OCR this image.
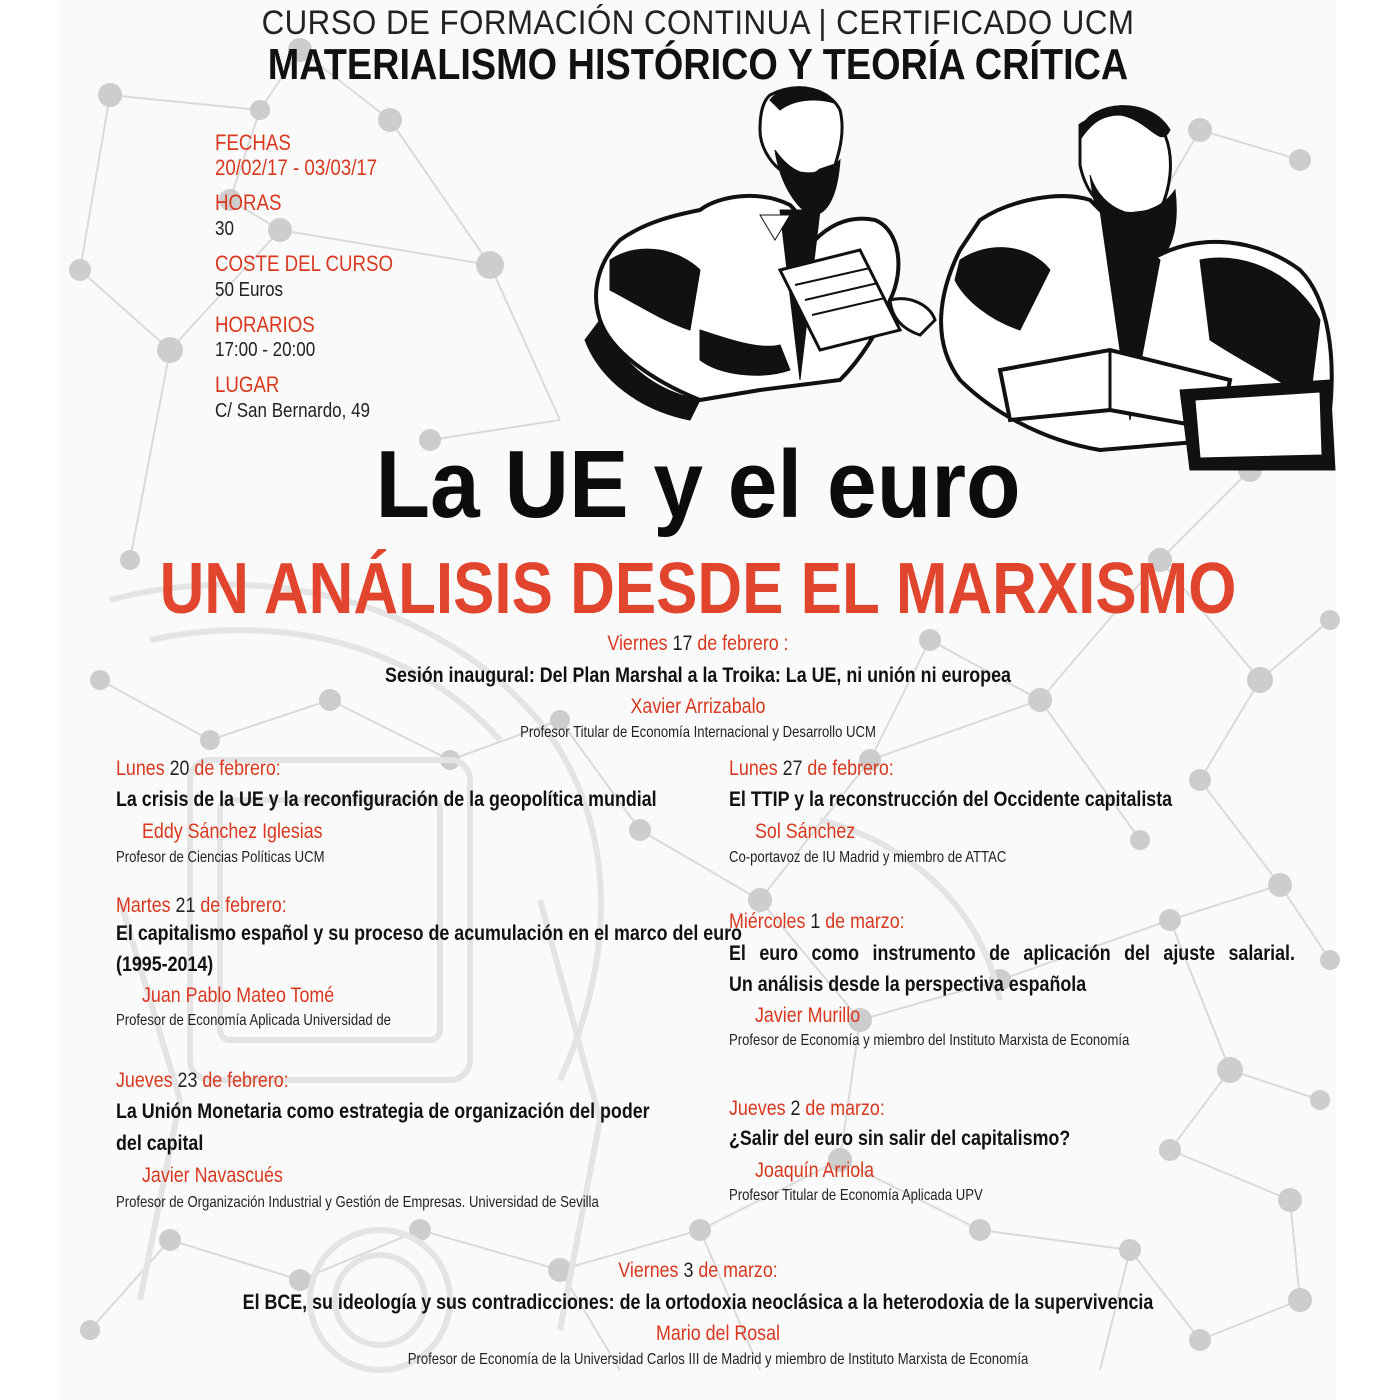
CURSO DE FORMACIÓN CONTINUA | CERTIFICADO UCM
MATERIALISMO HISTÓRICO Y TEORÍA CRÍTICA
FECHAS
20/02/17 - 03/03/17
HORAS
30
COSTE DEL CURSO
50 Euros
HORARIOS
17:00 - 20:00
LUGAR
C/ San Bernardo, 49
La UE y el euro
UN ANÁLISIS DESDE EL MARXISMO
Viernes 17 de febrero :
Sesión inaugural: Del Plan Marshal a la Troika: La UE, ni unión ni europea
Xavier Arrizabalo
Profesor Titular de Economía Internacional y Desarrollo UCM
Lunes 20 de febrero:
La crisis de la UE y la reconfiguración de la geopolítica mundial
Eddy Sánchez Iglesias
Profesor de Ciencias Políticas UCM
Martes 21 de febrero:
El capitalismo español y su proceso de acumulación en el marco del euro
(1995-2014)
Juan Pablo Mateo Tomé
Profesor de Economía Aplicada Universidad de
Jueves 23 de febrero:
La Unión Monetaria como estrategia de organización del poder
del capital
Javier Navascués
Profesor de Organización Industrial y Gestión de Empresas. Universidad de Sevilla
Lunes 27 de febrero:
El TTIP y la reconstrucción del Occidente capitalista
Sol Sánchez
Co-portavoz de IU Madrid y miembro de ATTAC
Miércoles 1 de marzo:
El euro como instrumento de aplicación del ajuste salarial.
Un análisis desde la perspectiva española
Javier Murillo
Profesor de Economía y miembro del Instituto Marxista de Economía
Jueves 2 de marzo:
¿Salir del euro sin salir del capitalismo?
Joaquín Arriola
Profesor Titular de Economía Aplicada UPV
Viernes 3 de marzo:
El BCE, su ideología y sus contradicciones: de la ortodoxia neoclásica a la heterodoxia de la supervivencia
Mario del Rosal
Profesor de Economía de la Universidad Carlos III de Madrid y miembro de Instituto Marxista de Economía
